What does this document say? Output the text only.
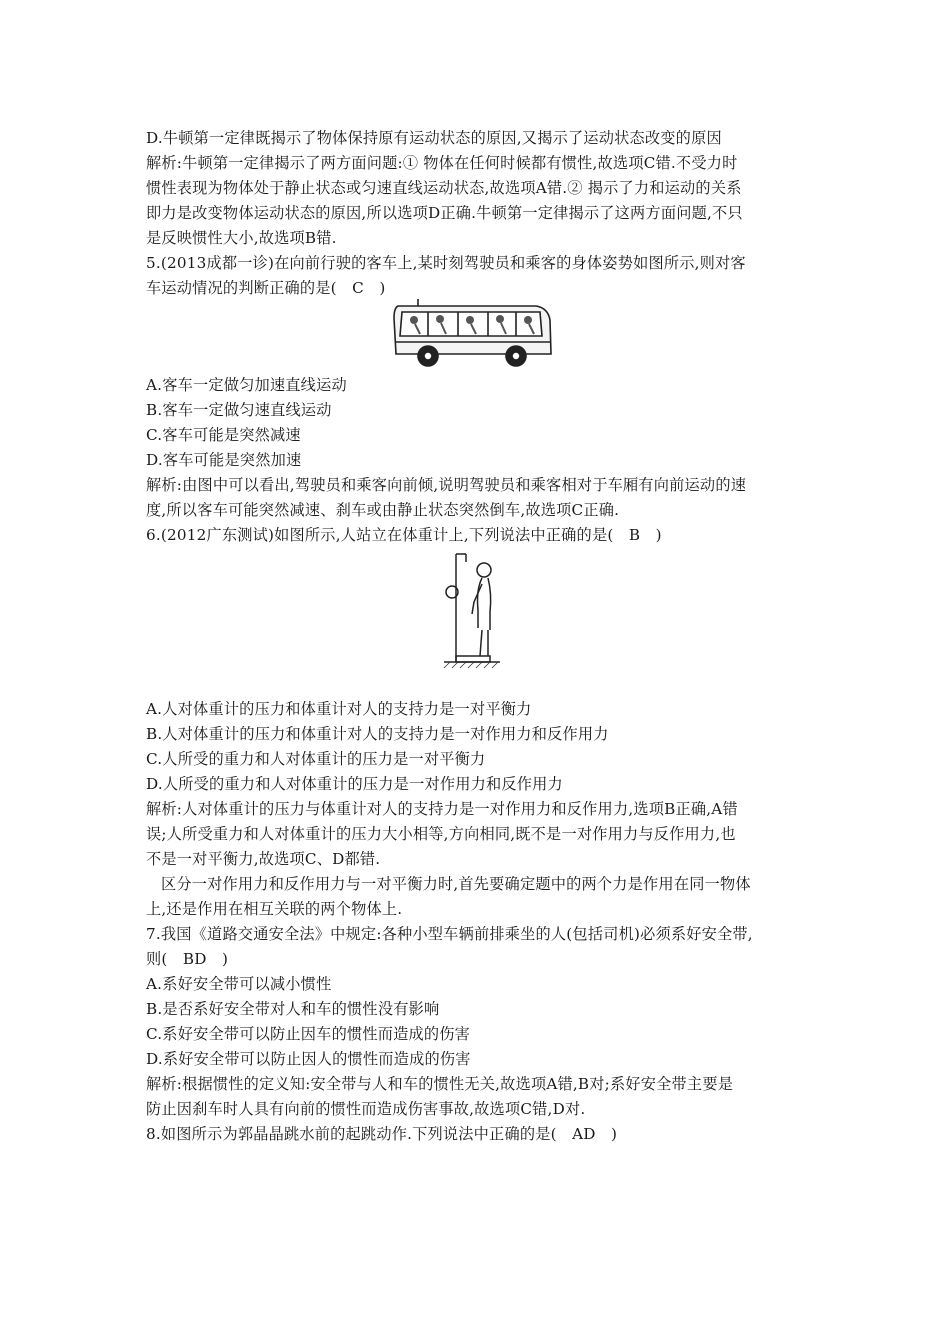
D.牛顿第一定律既揭示了物体保持原有运动状态的原因,又揭示了运动状态改变的原因
解析:牛顿第一定律揭示了两方面问题:① 物体在任何时候都有惯性,故选项C错.不受力时
惯性表现为物体处于静止状态或匀速直线运动状态,故选项A错.② 揭示了力和运动的关系
即力是改变物体运动状态的原因,所以选项D正确.牛顿第一定律揭示了这两方面问题,不只
是反映惯性大小,故选项B错.
5.(2013成都一诊)在向前行驶的客车上,某时刻驾驶员和乘客的身体姿势如图所示,则对客
车运动情况的判断正确的是(　C　)
A.客车一定做匀加速直线运动
B.客车一定做匀速直线运动
C.客车可能是突然减速
D.客车可能是突然加速
解析:由图中可以看出,驾驶员和乘客向前倾,说明驾驶员和乘客相对于车厢有向前运动的速
度,所以客车可能突然减速、刹车或由静止状态突然倒车,故选项C正确.
6.(2012广东测试)如图所示,人站立在体重计上,下列说法中正确的是(　B　)
A.人对体重计的压力和体重计对人的支持力是一对平衡力
B.人对体重计的压力和体重计对人的支持力是一对作用力和反作用力
C.人所受的重力和人对体重计的压力是一对平衡力
D.人所受的重力和人对体重计的压力是一对作用力和反作用力
解析:人对体重计的压力与体重计对人的支持力是一对作用力和反作用力,选项B正确,A错
误;人所受重力和人对体重计的压力大小相等,方向相同,既不是一对作用力与反作用力,也
不是一对平衡力,故选项C、D都错.
区分一对作用力和反作用力与一对平衡力时,首先要确定题中的两个力是作用在同一物体
上,还是作用在相互关联的两个物体上.
7.我国《道路交通安全法》中规定:各种小型车辆前排乘坐的人(包括司机)必须系好安全带,
则(　BD　)
A.系好安全带可以减小惯性
B.是否系好安全带对人和车的惯性没有影响
C.系好安全带可以防止因车的惯性而造成的伤害
D.系好安全带可以防止因人的惯性而造成的伤害
解析:根据惯性的定义知:安全带与人和车的惯性无关,故选项A错,B对;系好安全带主要是
防止因刹车时人具有向前的惯性而造成伤害事故,故选项C错,D对.
8.如图所示为郭晶晶跳水前的起跳动作.下列说法中正确的是(　AD　)
